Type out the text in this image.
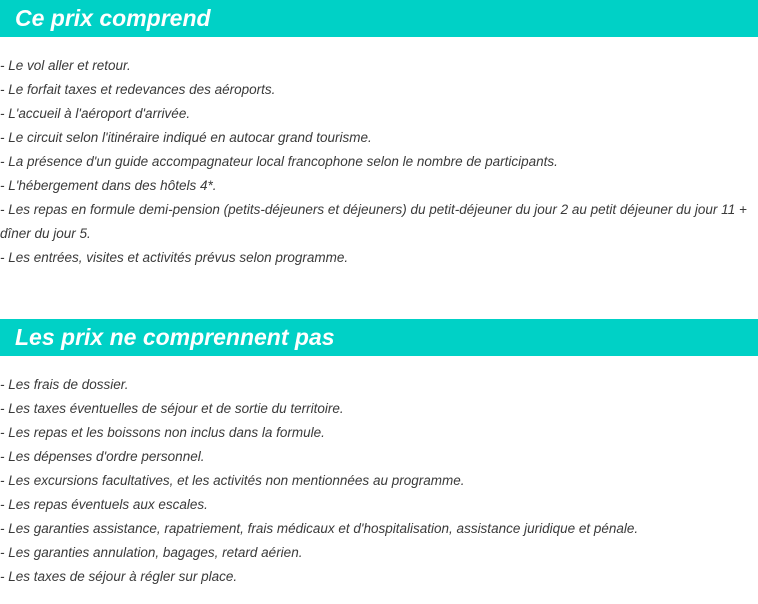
Ce prix comprend
- Le vol aller et retour.
- Le forfait taxes et redevances des aéroports.
- L'accueil à l'aéroport d'arrivée.
- Le circuit selon l'itinéraire indiqué en autocar grand tourisme.
- La présence d'un guide accompagnateur local francophone selon le nombre de participants.
- L'hébergement dans des hôtels 4*.
- Les repas en formule demi-pension (petits-déjeuners et déjeuners) du petit-déjeuner du jour 2 au petit déjeuner du jour 11 + dîner du jour 5.
- Les entrées, visites et activités prévus selon programme.
Les prix ne comprennent pas
- Les frais de dossier.
- Les taxes éventuelles de séjour et de sortie du territoire.
- Les repas et les boissons non inclus dans la formule.
- Les dépenses d'ordre personnel.
- Les excursions facultatives, et les activités non mentionnées au programme.
- Les repas éventuels aux escales.
- Les garanties assistance, rapatriement, frais médicaux et d'hospitalisation, assistance juridique et pénale.
- Les garanties annulation, bagages, retard aérien.
- Les taxes de séjour à régler sur place.
